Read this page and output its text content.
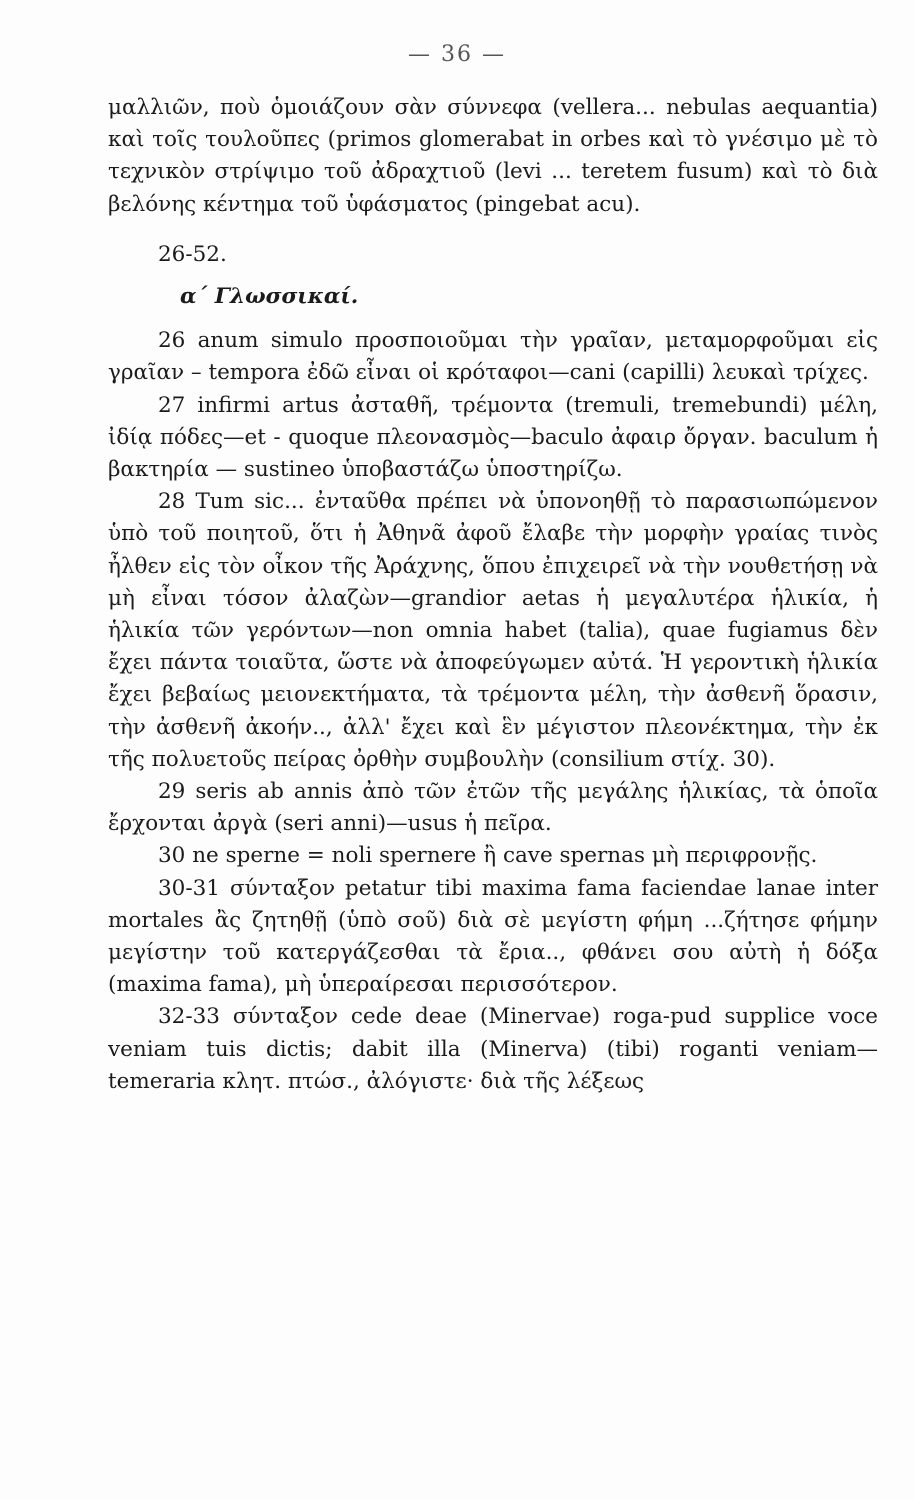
— 36 —

μαλλιῶν, ποὺ ὁμοιάζουν σὰν σύννεφα (vellera... nebulas aequantia) καὶ τοῖς τουλοῦπες (primos glomerabat in orbes καὶ τὸ γνέσιμο μὲ τὸ τεχνικὸν στρίψιμο τοῦ ἀδραχτιοῦ (levi ... teretem fusum) καὶ τὸ διὰ βελόνης κέντημα τοῦ ὑφάσματος (pingebat acu).

26-52.

α΄ Γλωσσικαί.

26 anum simulo προσποιοῦμαι τὴν γραῖαν, μεταμορφοῦμαι εἰς γραῖαν – tempora ἐδῶ εἶναι οἱ κρόταφοι—cani (capilli) λευκαὶ τρίχες.

27 infirmi artus ἀσταθῆ, τρέμοντα (tremuli, tremebundi) μέλη, ἰδίᾳ πόδες—et - quoque πλεονασμὸς—baculo ἀφαιρ ὄργαν. baculum ἡ βακτηρία — sustineo ὑποβαστάζω ὑποστηρίζω.

28 Tum sic... ἐνταῦθα πρέπει νὰ ὑπονοηθῇ τὸ παρασιωπώμενον ὑπὸ τοῦ ποιητοῦ, ὅτι ἡ Ἀθηνᾶ ἀφοῦ ἔλαβε τὴν μορφὴν γραίας τινὸς ἦλθεν εἰς τὸν οἶκον τῆς Ἀράχνης, ὅπου ἐπιχειρεῖ νὰ τὴν νουθετήσῃ νὰ μὴ εἶναι τόσον ἀλαζὼν—grandior aetas ἡ μεγαλυτέρα ἡλικία, ἡ ἡλικία τῶν γερόντων—non omnia habet (talia), quae fugiamus δὲν ἔχει πάντα τοιαῦτα, ὥστε νὰ ἀποφεύγωμεν αὐτά. Ἡ γεροντικὴ ἡλικία ἔχει βεβαίως μειονεκτήματα, τὰ τρέμοντα μέλη, τὴν ἀσθενῆ ὅρασιν, τὴν ἀσθενῆ ἀκοήν.., ἀλλ' ἔχει καὶ ἓν μέγιστον πλεονέκτημα, τὴν ἐκ τῆς πολυετοῦς πείρας ὀρθὴν συμβουλὴν (consilium στίχ. 30).

29 seris ab annis ἀπὸ τῶν ἐτῶν τῆς μεγάλης ἡλικίας, τὰ ὁποῖα ἔρχονται ἀργὰ (seri anni)—usus ἡ πεῖρα.

30 ne sperne = noli spernere ἢ cave spernas μὴ περιφρονῇς.

30-31 σύνταξον petatur tibi maxima fama faciendae lanae inter mortales ἂς ζητηθῇ (ὑπὸ σοῦ) διὰ σὲ μεγίστη φήμη ...ζήτησε φήμην μεγίστην τοῦ κατεργάζεσθαι τὰ ἔρια.., φθάνει σου αὐτὴ ἡ δόξα (maxima fama), μὴ ὑπεραίρεσαι περισσότερον.

32-33 σύνταξον cede deae (Minervae) roga-pud supplice voce veniam tuis dictis; dabit illa (Minerva) (tibi) roganti veniam—temeraria κλητ. πτώσ., ἀλόγιστε· διὰ τῆς λέξεως
